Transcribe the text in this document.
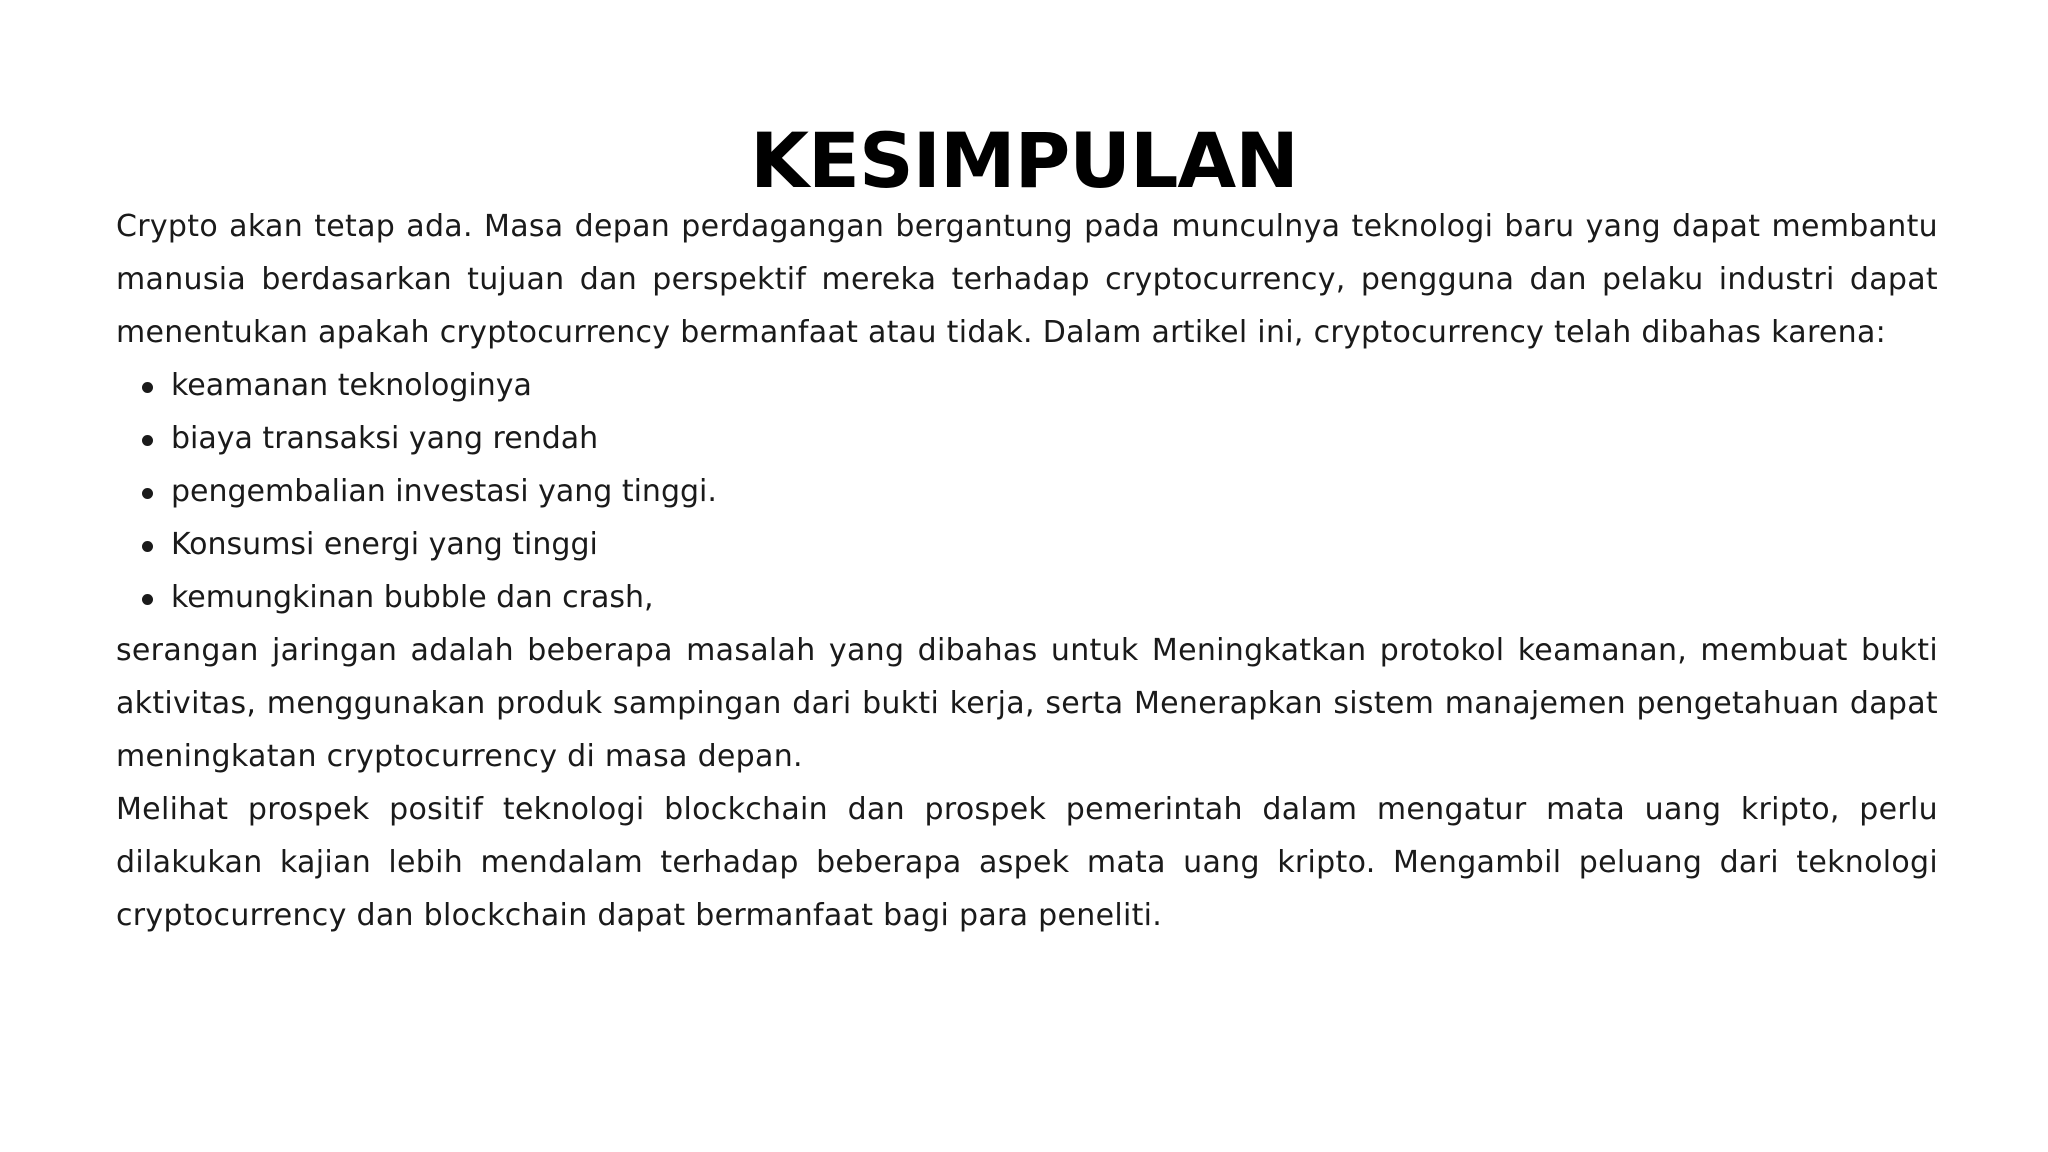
KESIMPULAN

Crypto akan tetap ada. Masa depan perdagangan bergantung pada munculnya teknologi baru yang dapat membantu manusia berdasarkan tujuan dan perspektif mereka terhadap cryptocurrency, pengguna dan pelaku industri dapat menentukan apakah cryptocurrency bermanfaat atau tidak. Dalam artikel ini, cryptocurrency telah dibahas karena:

keamanan teknologinya
biaya transaksi yang rendah
pengembalian investasi yang tinggi.
Konsumsi energi yang tinggi
kemungkinan bubble dan crash,

serangan jaringan adalah beberapa masalah yang dibahas untuk Meningkatkan protokol keamanan, membuat bukti aktivitas, menggunakan produk sampingan dari bukti kerja, serta Menerapkan sistem manajemen pengetahuan dapat meningkatan cryptocurrency di masa depan.

Melihat prospek positif teknologi blockchain dan prospek pemerintah dalam mengatur mata uang kripto, perlu dilakukan kajian lebih mendalam terhadap beberapa aspek mata uang kripto. Mengambil peluang dari teknologi cryptocurrency dan blockchain dapat bermanfaat bagi para peneliti.
